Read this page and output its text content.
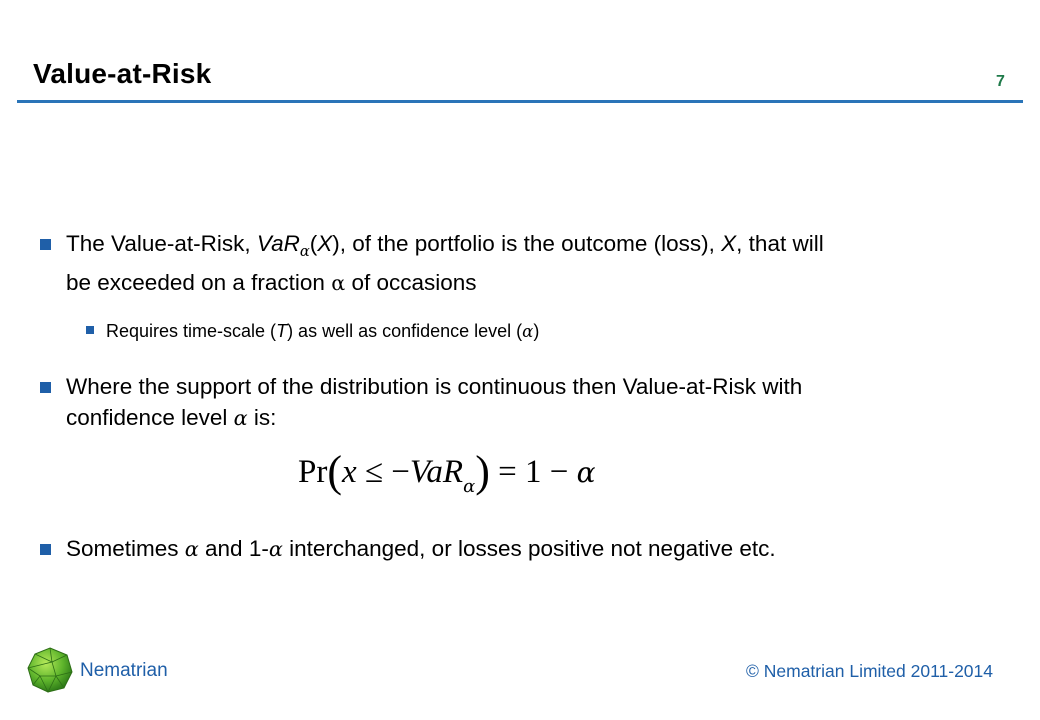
Value-at-Risk	7
The Value-at-Risk, VaR$_\alpha$(X), of the portfolio is the outcome (loss), X, that will
be exceeded on a fraction α of occasions
Requires time-scale (T) as well as confidence level (α)
Where the support of the distribution is continuous then Value-at-Risk with
confidence level α is:
Pr(x ≤ −VaR$_\alpha$) = 1 − α
Sometimes α and 1-α interchanged, or losses positive not negative etc.
Nematrian	© Nematrian Limited 2011-2014
